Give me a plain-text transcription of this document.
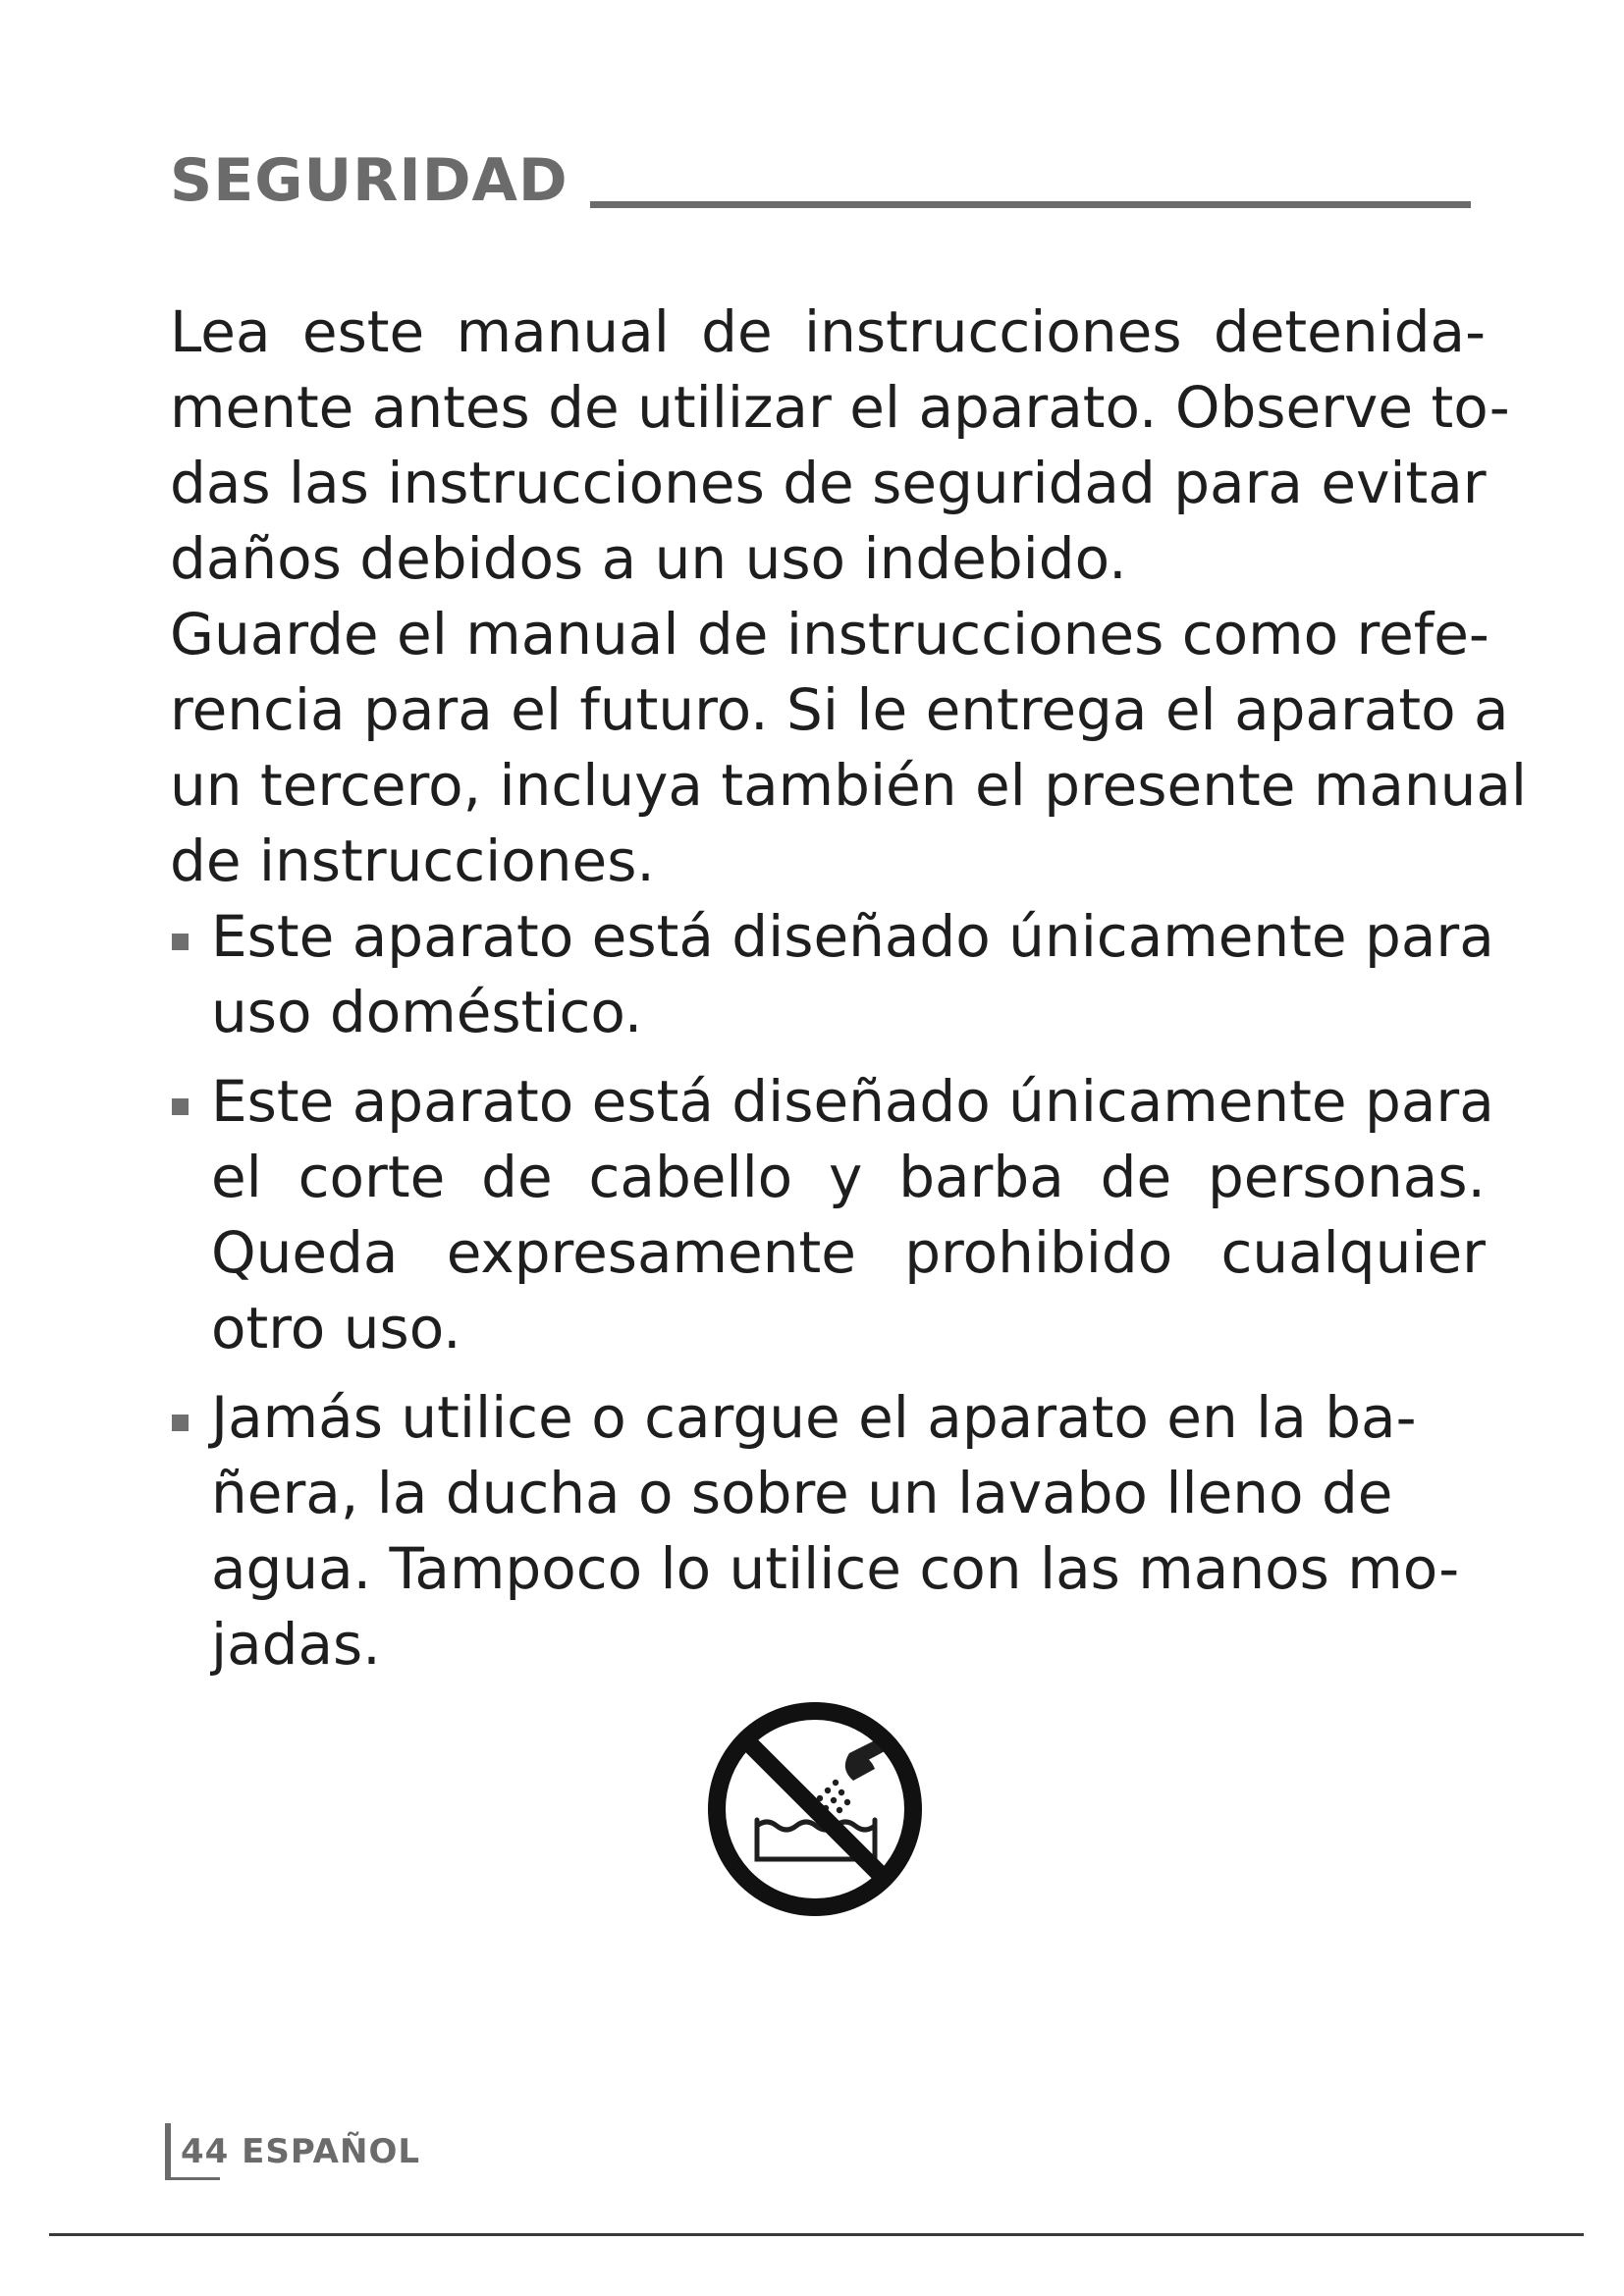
SEGURIDAD
Lea este manual de instrucciones detenida-
mente antes de utilizar el aparato. Observe to-
das las instrucciones de seguridad para evitar
daños debidos a un uso indebido.
Guarde el manual de instrucciones como refe-
rencia para el futuro. Si le entrega el aparato a
un tercero, incluya también el presente manual
de instrucciones.
Este aparato está diseñado únicamente para
uso doméstico.
Este aparato está diseñado únicamente para
el corte de cabello y barba de personas.
Queda expresamente prohibido cualquier
otro uso.
Jamás utilice o cargue el aparato en la ba-
ñera, la ducha o sobre un lavabo lleno de
agua. Tampoco lo utilice con las manos mo-
jadas.
44 ESPAÑOL
